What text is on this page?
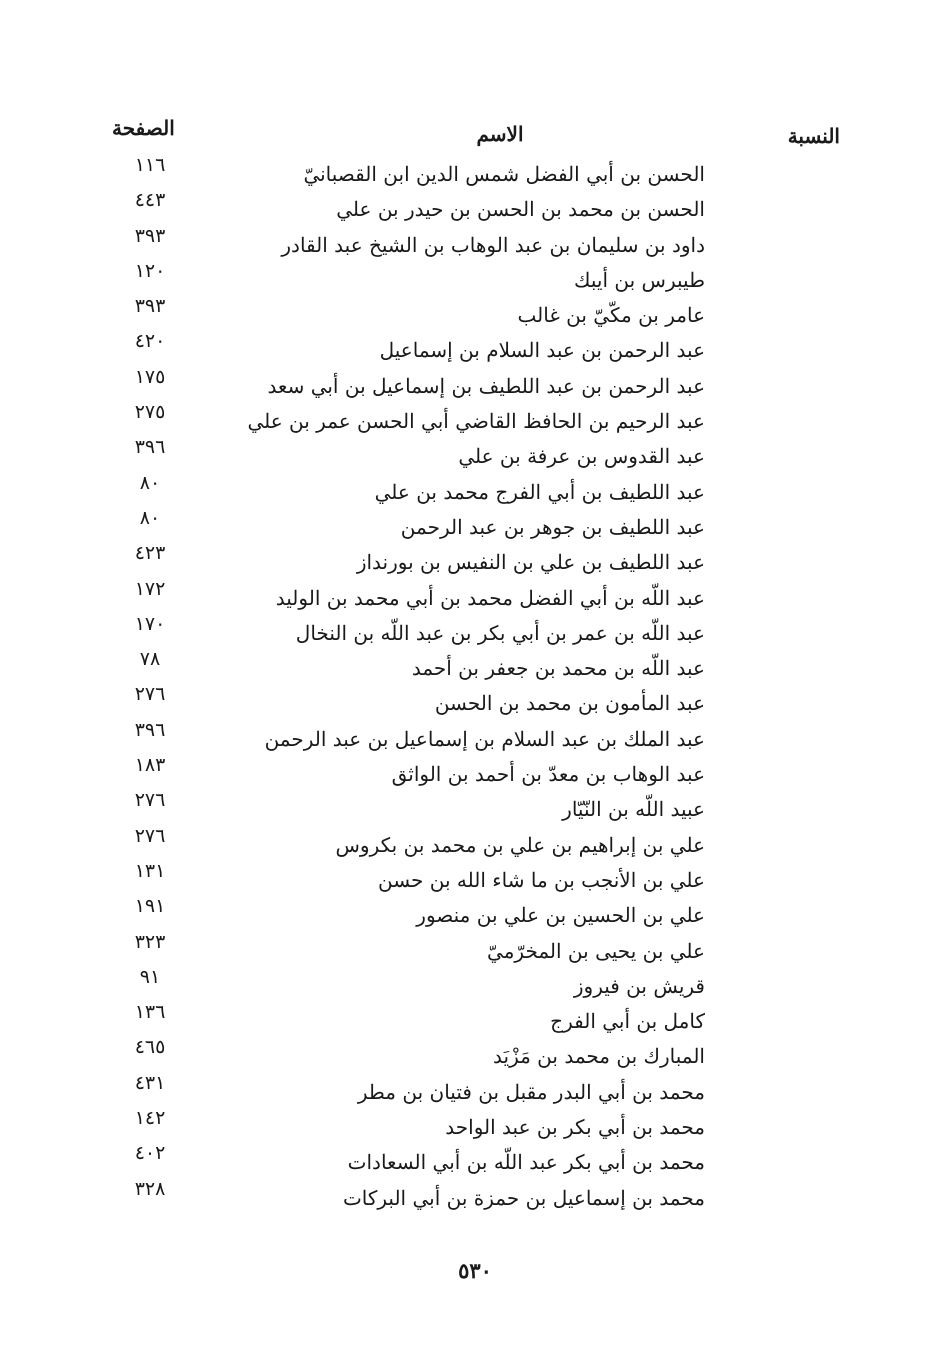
النسبة
الاسم
الصفحة
الحسن بن أبي الفضل شمس الدين ابن القصبانيّ
١١٦
الحسن بن محمد بن الحسن بن حيدر بن علي
٤٤٣
داود بن سليمان بن عبد الوهاب بن الشيخ عبد القادر
٣٩٣
طيبرس بن أيبك
١٢٠
عامر بن مكّيّ بن غالب
٣٩٣
عبد الرحمن بن عبد السلام بن إسماعيل
٤٢٠
عبد الرحمن بن عبد اللطيف بن إسماعيل بن أبي سعد
١٧٥
عبد الرحيم بن الحافظ القاضي أبي الحسن عمر بن علي
٢٧٥
عبد القدوس بن عرفة بن علي
٣٩٦
عبد اللطيف بن أبي الفرج محمد بن علي
٨٠
عبد اللطيف بن جوهر بن عبد الرحمن
٨٠
عبد اللطيف بن علي بن النفيس بن بورنداز
٤٢٣
عبد اللّه بن أبي الفضل محمد بن أبي محمد بن الوليد
١٧٢
عبد اللّه بن عمر بن أبي بكر بن عبد اللّه بن النخال
١٧٠
عبد اللّه بن محمد بن جعفر بن أحمد
٧٨
عبد المأمون بن محمد بن الحسن
٢٧٦
عبد الملك بن عبد السلام بن إسماعيل بن عبد الرحمن
٣٩٦
عبد الوهاب بن معدّ بن أحمد بن الواثق
١٨٣
عبيد اللّه بن النّيّار
٢٧٦
علي بن إبراهيم بن علي بن محمد بن بكروس
٢٧٦
علي بن الأنجب بن ما شاء الله بن حسن
١٣١
علي بن الحسين بن علي بن منصور
١٩١
علي بن يحيى بن المخرّميّ
٣٢٣
قريش بن فيروز
٩١
كامل بن أبي الفرج
١٣٦
المبارك بن محمد بن مَزْيَد
٤٦٥
محمد بن أبي البدر مقبل بن فتيان بن مطر
٤٣١
محمد بن أبي بكر بن عبد الواحد
١٤٢
محمد بن أبي بكر عبد اللّه بن أبي السعادات
٤٠٢
محمد بن إسماعيل بن حمزة بن أبي البركات
٣٢٨
٥٣٠
